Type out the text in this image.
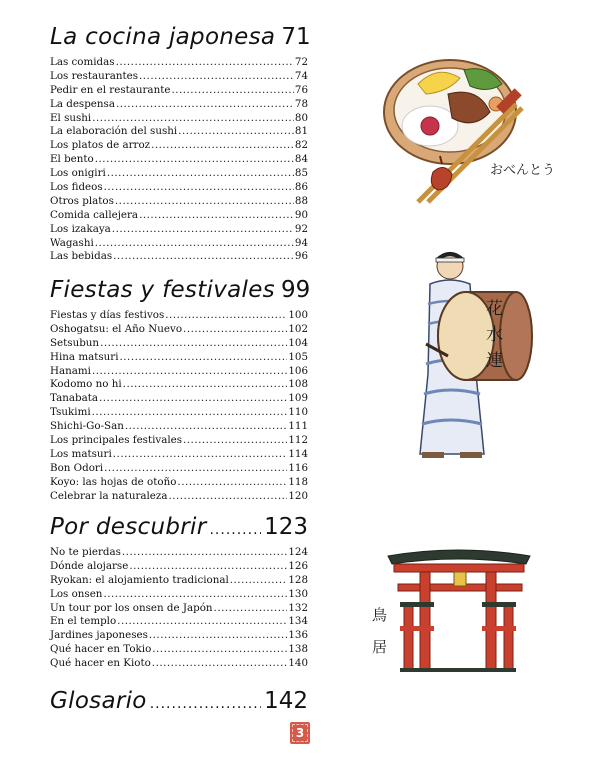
La cocina japonesa 71
Las comidas .....	72
Los restaurantes .....	74
Pedir en el restaurante .....	76
La despensa .....	78
El sushi .....	80
La elaboración del sushi .....	81
Los platos de arroz .....	82
El bento .....	84
Los onigiri .....	85
Los fideos .....	86
Otros platos .....	88
Comida callejera .....	90
Los izakaya .....	92
Wagashi .....	94
Las bebidas .....	96
Fiestas y festivales 99
Fiestas y días festivos .....	100
Oshogatsu: el Año Nuevo .....	102
Setsubun .....	104
Hina matsuri .....	105
Hanami .....	106
Kodomo no hi .....	108
Tanabata .....	109
Tsukimi .....	110
Shichi-Go-San .....	111
Los principales festivales .....	112
Los matsuri .....	114
Bon Odori .....	116
Koyo: las hojas de otoño .....	118
Celebrar la naturaleza .....	120
Por descubrir .....	123
No te pierdas .....	124
Dónde alojarse .....	126
Ryokan: el alojamiento tradicional .....	128
Los onsen .....	130
Un tour por los onsen de Japón .....	132
En el templo .....	134
Jardines japoneses .....	136
Qué hacer en Tokio .....	138
Qué hacer en Kioto .....	140
Glosario .....	142
おべんとう
花
水
連
鳥
居
3
